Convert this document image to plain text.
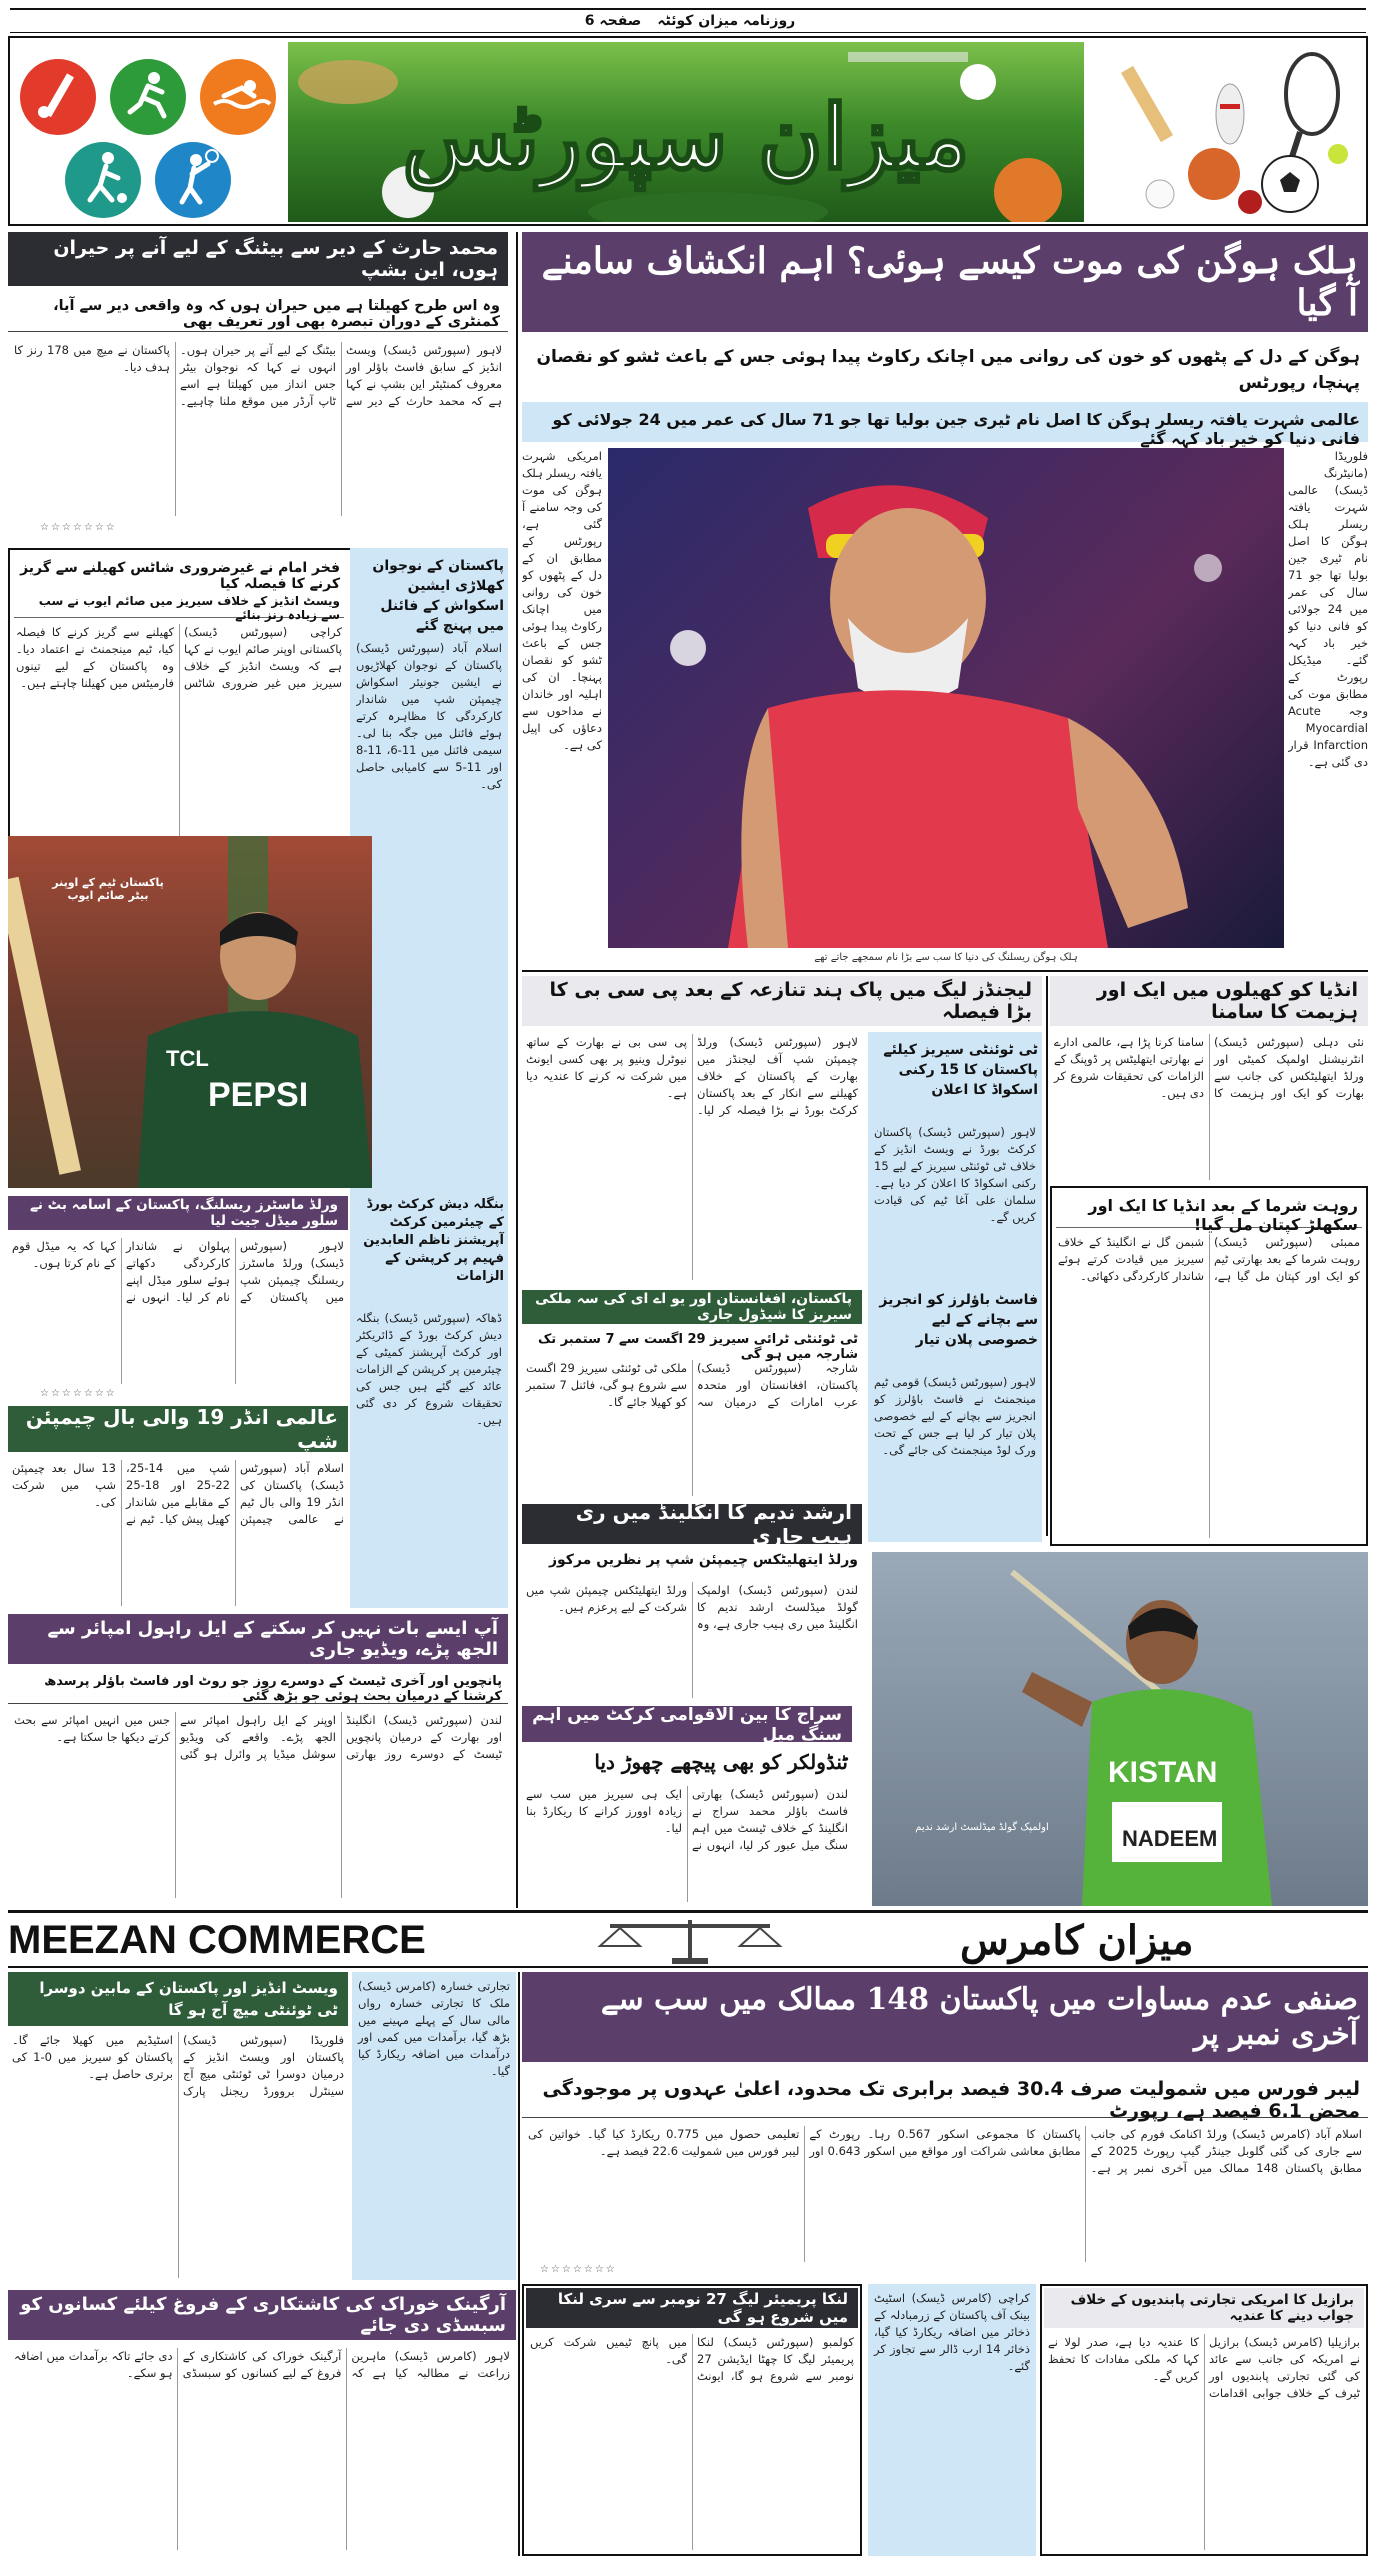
روزنامہ میزان کوئٹہ
صفحہ 6
میزان سپورٹس
محمد حارث کے دیر سے بیٹنگ کے لیے آنے پر حیران ہوں، این بشپ
وہ اس طرح کھیلتا ہے میں حیران ہوں کہ وہ واقعی دیر سے آیا، کمنٹری کے دوران تبصرہ بھی اور تعریف بھی
لاہور (سپورٹس ڈیسک) ویسٹ انڈیز کے سابق فاسٹ باؤلر اور معروف کمنٹیٹر این بشپ نے کہا ہے کہ محمد حارث کے دیر سے بیٹنگ کے لیے آنے پر حیران ہوں۔ انہوں نے کہا کہ نوجوان بیٹر جس انداز میں کھیلتا ہے اسے ٹاپ آرڈر میں موقع ملنا چاہیے۔ پاکستان نے میچ میں 178 رنز کا ہدف دیا۔
☆☆☆☆☆☆☆
فخر امام نے غیرضروری شاٹس کھیلنے سے گریز کرنے کا فیصلہ کیا
ویسٹ انڈیز کے خلاف سیریز میں صائم ایوب نے سب سے زیادہ رنز بنائے
کراچی (سپورٹس ڈیسک) پاکستانی اوپنر صائم ایوب نے کہا ہے کہ ویسٹ انڈیز کے خلاف سیریز میں غیر ضروری شاٹس کھیلنے سے گریز کرنے کا فیصلہ کیا، ٹیم مینجمنٹ نے اعتماد دیا۔ وہ پاکستان کے لیے تینوں فارمیٹس میں کھیلنا چاہتے ہیں۔
پاکستان کے نوجوان کھلاڑی ایشین اسکواش کے فائنل میں پہنچ گئے
اسلام آباد (سپورٹس ڈیسک) پاکستان کے نوجوان کھلاڑیوں نے ایشین جونیئر اسکواش چیمپئن شپ میں شاندار کارکردگی کا مظاہرہ کرتے ہوئے فائنل میں جگہ بنا لی۔ سیمی فائنل میں 11-6، 11-8 اور 11-5 سے کامیابی حاصل کی۔
PEPSI
TCL
پاکستان ٹیم کے اوپنر بیٹر صائم ایوب
بنگلہ دیش کرکٹ بورڈ کے چیئرمین کرکٹ آپریشنز ناظم العابدین فہیم پر کرپشن کے الزامات
ڈھاکہ (سپورٹس ڈیسک) بنگلہ دیش کرکٹ بورڈ کے ڈائریکٹر اور کرکٹ آپریشنز کمیٹی کے چیئرمین پر کرپشن کے الزامات عائد کیے گئے ہیں جس کی تحقیقات شروع کر دی گئی ہیں۔
ورلڈ ماسٹرز ریسلنگ، پاکستان کے اسامہ بٹ نے سلور میڈل جیت لیا
لاہور (سپورٹس ڈیسک) ورلڈ ماسٹرز ریسلنگ چیمپئن شپ میں پاکستان کے پہلوان نے شاندار کارکردگی دکھاتے ہوئے سلور میڈل اپنے نام کر لیا۔ انہوں نے کہا کہ یہ میڈل قوم کے نام کرتا ہوں۔
☆☆☆☆☆☆☆
عالمی انڈر 19 والی بال چیمپئن شپ
اسلام آباد (سپورٹس ڈیسک) پاکستان کی انڈر 19 والی بال ٹیم نے عالمی چیمپئن شپ میں 14-25، 22-25 اور 18-25 کے مقابلے میں شاندار کھیل پیش کیا۔ ٹیم نے 13 سال بعد چیمپئن شپ میں شرکت کی۔
آپ ایسے بات نہیں کر سکتے کے ایل راہول امپائر سے الجھ پڑے، ویڈیو جاری
پانچویں اور آخری ٹیسٹ کے دوسرے روز جو روٹ اور فاسٹ باؤلر پرسدھ کرشنا کے درمیان بحث ہوئی جو بڑھ گئی
لندن (سپورٹس ڈیسک) انگلینڈ اور بھارت کے درمیان پانچویں ٹیسٹ کے دوسرے روز بھارتی اوپنر کے ایل راہول امپائر سے الجھ پڑے۔ واقعے کی ویڈیو سوشل میڈیا پر وائرل ہو گئی جس میں انہیں امپائر سے بحث کرتے دیکھا جا سکتا ہے۔
ہلک ہوگن کی موت کیسے ہوئی؟ اہم انکشاف سامنے آ گیا
ہوگن کے دل کے پٹھوں کو خون کی روانی میں اچانک رکاوٹ پیدا ہوئی جس کے باعث ٹشو کو نقصان پہنچا، رپورٹس
عالمی شہرت یافتہ ریسلر ہوگن کا اصل نام ٹیری جین بولیا تھا جو 71 سال کی عمر میں 24 جولائی کو فانی دنیا کو خیر باد کہہ گئے
امریکی شہرت یافتہ ریسلر ہلک ہوگن کی موت کی وجہ سامنے آ گئی ہے، رپورٹس کے مطابق ان کے دل کے پٹھوں کو خون کی روانی میں اچانک رکاوٹ پیدا ہوئی جس کے باعث ٹشو کو نقصان پہنچا۔ ان کی اہلیہ اور خاندان نے مداحوں سے دعاؤں کی اپیل کی ہے۔
فلوریڈا (مانیٹرنگ ڈیسک) عالمی شہرت یافتہ ریسلر ہلک ہوگن کا اصل نام ٹیری جین بولیا تھا جو 71 سال کی عمر میں 24 جولائی کو فانی دنیا کو خیر باد کہہ گئے۔ میڈیکل رپورٹ کے مطابق موت کی وجہ Acute Myocardial Infarction قرار دی گئی ہے۔
ہلک ہوگن ریسلنگ کی دنیا کا سب سے بڑا نام سمجھے جاتے تھے
لیجنڈز لیگ میں پاک ہند تنازعہ کے بعد پی سی بی کا بڑا فیصلہ
لاہور (سپورٹس ڈیسک) ورلڈ چیمپئن شپ آف لیجنڈز میں بھارت کے پاکستان کے خلاف کھیلنے سے انکار کے بعد پاکستان کرکٹ بورڈ نے بڑا فیصلہ کر لیا۔ پی سی بی نے بھارت کے ساتھ نیوٹرل وینیو پر بھی کسی ایونٹ میں شرکت نہ کرنے کا عندیہ دیا ہے۔
ٹی ٹوئنٹی سیریز کیلئے پاکستان کا 15 رکنی اسکواڈ کا اعلان
لاہور (سپورٹس ڈیسک) پاکستان کرکٹ بورڈ نے ویسٹ انڈیز کے خلاف ٹی ٹوئنٹی سیریز کے لیے 15 رکنی اسکواڈ کا اعلان کر دیا ہے۔ سلمان علی آغا ٹیم کی قیادت کریں گے۔
فاسٹ باؤلرز کو انجریز سے بچانے کے لیے خصوصی پلان تیار
لاہور (سپورٹس ڈیسک) قومی ٹیم مینجمنٹ نے فاسٹ باؤلرز کو انجریز سے بچانے کے لیے خصوصی پلان تیار کر لیا ہے جس کے تحت ورک لوڈ مینجمنٹ کی جائے گی۔
پاکستان، افغانستان اور یو اے ای کی سہ ملکی سیریز کا شیڈول جاری
ٹی ٹوئنٹی ٹرائی سیریز 29 اگست سے 7 ستمبر تک شارجہ میں ہو گی
شارجہ (سپورٹس ڈیسک) پاکستان، افغانستان اور متحدہ عرب امارات کے درمیان سہ ملکی ٹی ٹوئنٹی سیریز 29 اگست سے شروع ہو گی، فائنل 7 ستمبر کو کھیلا جائے گا۔
ارشد ندیم کا انگلینڈ میں ری ہیب جاری
ورلڈ ایتھلیٹکس چیمپئن شپ پر نظریں مرکوز
لندن (سپورٹس ڈیسک) اولمپک گولڈ میڈلسٹ ارشد ندیم کا انگلینڈ میں ری ہیب جاری ہے، وہ ورلڈ ایتھلیٹکس چیمپئن شپ میں شرکت کے لیے پرعزم ہیں۔
سراج کا بین الاقوامی کرکٹ میں اہم سنگ میل
ٹنڈولکر کو بھی پیچھے چھوڑ دیا
لندن (سپورٹس ڈیسک) بھارتی فاسٹ باؤلر محمد سراج نے انگلینڈ کے خلاف ٹیسٹ میں اہم سنگ میل عبور کر لیا، انہوں نے ایک ہی سیریز میں سب سے زیادہ اوورز کرانے کا ریکارڈ بنا لیا۔
انڈیا کو کھیلوں میں ایک اور ہزیمت کا سامنا
نئی دہلی (سپورٹس ڈیسک) انٹرنیشنل اولمپک کمیٹی اور ورلڈ ایتھلیٹکس کی جانب سے بھارت کو ایک اور ہزیمت کا سامنا کرنا پڑا ہے، عالمی ادارے نے بھارتی ایتھلیٹس پر ڈوپنگ کے الزامات کی تحقیقات شروع کر دی ہیں۔
روہت شرما کے بعد انڈیا کا ایک اور سکھلڑ کپتان مل گیا!
ممبئی (سپورٹس ڈیسک) روہت شرما کے بعد بھارتی ٹیم کو ایک اور کپتان مل گیا ہے، شبمن گل نے انگلینڈ کے خلاف سیریز میں قیادت کرتے ہوئے شاندار کارکردگی دکھائی۔
KISTAN
NADEEM
اولمپک گولڈ میڈلسٹ ارشد ندیم
MEEZAN COMMERCE	میزان کامرس
صنفی عدم مساوات میں پاکستان 148 ممالک میں سب سے آخری نمبر پر
لیبر فورس میں شمولیت صرف 30.4 فیصد برابری تک محدود، اعلیٰ عہدوں پر موجودگی محض 6.1 فیصد ہے، رپورٹ
اسلام آباد (کامرس ڈیسک) ورلڈ اکنامک فورم کی جانب سے جاری کی گئی گلوبل جینڈر گیپ رپورٹ 2025 کے مطابق پاکستان 148 ممالک میں آخری نمبر پر ہے۔ پاکستان کا مجموعی اسکور 0.567 رہا۔ رپورٹ کے مطابق معاشی شراکت اور مواقع میں اسکور 0.643 اور تعلیمی حصول میں 0.775 ریکارڈ کیا گیا۔ خواتین کی لیبر فورس میں شمولیت 22.6 فیصد ہے۔
☆☆☆☆☆☆☆
ویسٹ انڈیز اور پاکستان کے مابین دوسرا ٹی ٹوئنٹی میچ آج ہو گا
فلوریڈا (سپورٹس ڈیسک) پاکستان اور ویسٹ انڈیز کے درمیان دوسرا ٹی ٹوئنٹی میچ آج سینٹرل بروورڈ ریجنل پارک اسٹیڈیم میں کھیلا جائے گا۔ پاکستان کو سیریز میں 0-1 کی برتری حاصل ہے۔
تجارتی خسارہ (کامرس ڈیسک) ملک کا تجارتی خسارہ رواں مالی سال کے پہلے مہینے میں بڑھ گیا، برآمدات میں کمی اور درآمدات میں اضافہ ریکارڈ کیا گیا۔
آرگینک خوراک کی کاشتکاری کے فروغ کیلئے کسانوں کو سبسڈی دی جائے
لاہور (کامرس ڈیسک) ماہرین زراعت نے مطالبہ کیا ہے کہ آرگینک خوراک کی کاشتکاری کے فروغ کے لیے کسانوں کو سبسڈی دی جائے تاکہ برآمدات میں اضافہ ہو سکے۔
لنکا پریمیئر لیگ 27 نومبر سے سری لنکا میں شروع ہو گی
کولمبو (سپورٹس ڈیسک) لنکا پریمیئر لیگ کا چھٹا ایڈیشن 27 نومبر سے شروع ہو گا، ایونٹ میں پانچ ٹیمیں شرکت کریں گی۔
کراچی (کامرس ڈیسک) اسٹیٹ بینک آف پاکستان کے زرمبادلہ کے ذخائر میں اضافہ ریکارڈ کیا گیا، ذخائر 14 ارب ڈالر سے تجاوز کر گئے۔
برازیل کا امریکی تجارتی پابندیوں کے خلاف جواب دینے کا عندیہ
برازیلیا (کامرس ڈیسک) برازیل نے امریکہ کی جانب سے عائد کی گئی تجارتی پابندیوں اور ٹیرف کے خلاف جوابی اقدامات کا عندیہ دیا ہے، صدر لولا نے کہا کہ ملکی مفادات کا تحفظ کریں گے۔
